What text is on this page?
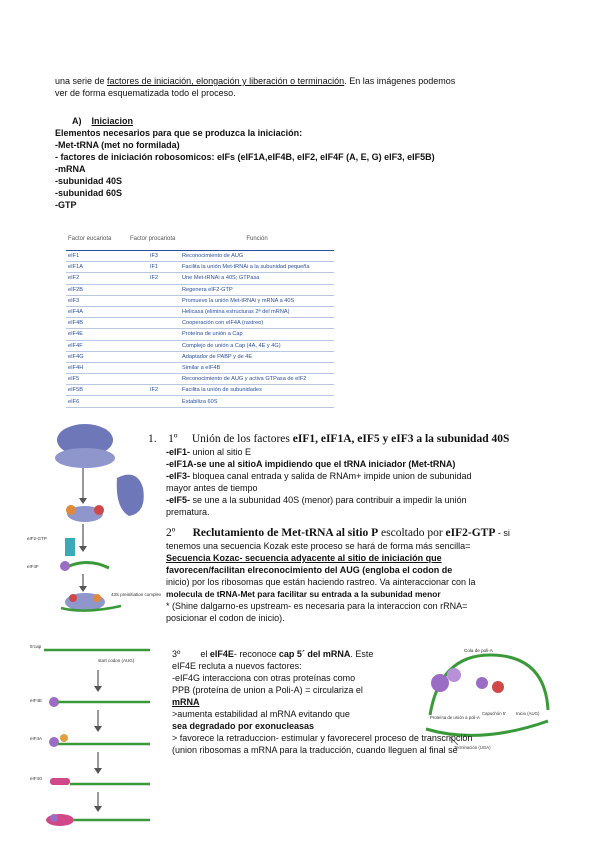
una serie de factores de iniciación, elongación y liberación o terminación. En las imágenes podemos
ver de forma esquematizada todo el proceso.
A) Iniciacion
Elementos necesarios para que se produzca la iniciación:
-Met-tRNA (met no formilada)
- factores de iniciación robosomicos: eIFs (eIF1A,eIF4B, eIF2, eIF4F (A, E, G) eIF3, eIF5B)
-mRNA
-subunidad 40S
-subunidad 60S
-GTP
Factor eucariota	Factor procariota	Función
eIF1	IF3	Reconocimiento de AUG
eIF1A	IF1	Facilita la unión Met-tRNAi a la subunidad pequeña
eIF2	IF2	Une Met-tRNAi a 40S; GTPasa
eIF2B		Regenera eIF2-GTP
eIF3		Promueve la unión Met-tRNAi y mRNA a 40S
eIF4A		Helicasa (elimina estructuras 2ª del mRNA)
eIF4B		Cooperación con eIF4A (rastreo)
eIF4E		Proteína de unión a Cap
eIF4F		Complejo de unión a Cap (4A, 4E y 4G)
eIF4G		Adaptador de PABP y de 4E
eIF4H		Similar a eIF4B
eIF5		Reconocimiento de AUG y activa GTPasa de eIF2
eIF5B	IF2	Facilita la unión de subunidades
eIF6		Estabiliza 60S
eIF2-GTP
eIF4F
43S preinitiation complex
1. 1º Unión de los factores eIF1, eIF1A, eIF5 y eIF3 a la subunidad 40S
-eIF1- union al sitio E
-eIF1A-se une al sitioA impidiendo que el tRNA iniciador (Met-tRNA)
-eIF3- bloquea canal entrada y salida de RNAm+ impide union de subunidad
mayor antes de tiempo
-eIF5- se une a la subunidad 40S (menor) para contribuir a impedir la unión
prematura.
2º Reclutamiento de Met-tRNA al sitio P escoltado por eIF2-GTP - si
tenemos una secuencia Kozak este proceso se hará de forma más sencilla=
Secuencia Kozac- secuencia adyacente al sitio de iniciación que
favorecen/facilitan elreconocimiento del AUG (engloba el codon de
inicio) por los ribosomas que están haciendo rastreo. Va ainteraccionar con la
molecula de tRNA-Met para facilitar su entrada a la subunidad menor
* (Shine dalgarno-es upstream- es necesaria para la interaccion con rRNA=
posicionar el codon de inicio).
5'cap
start codon (AUG)
eIF4E
eIF4A
eIF4G
Cola de poli-A
Proteína de unión a poli-A
Capuchón 5' Inicio (AUG)
Terminación (UGA)
3º el eIF4E- reconoce cap 5´ del mRNA. Este
eIF4E recluta a nuevos factores:
-eIF4G interacciona con otras proteínas como
PPB (proteína de union a Poli-A) = circulariza el
mRNA
>aumenta estabilidad al mRNA evitando que
sea degradado por exonucleasas
> favorece la retraduccion- estimular y favorecerel proceso de transcripción
(union ribosomas a mRNA para la traducción, cuando lleguen al final se
